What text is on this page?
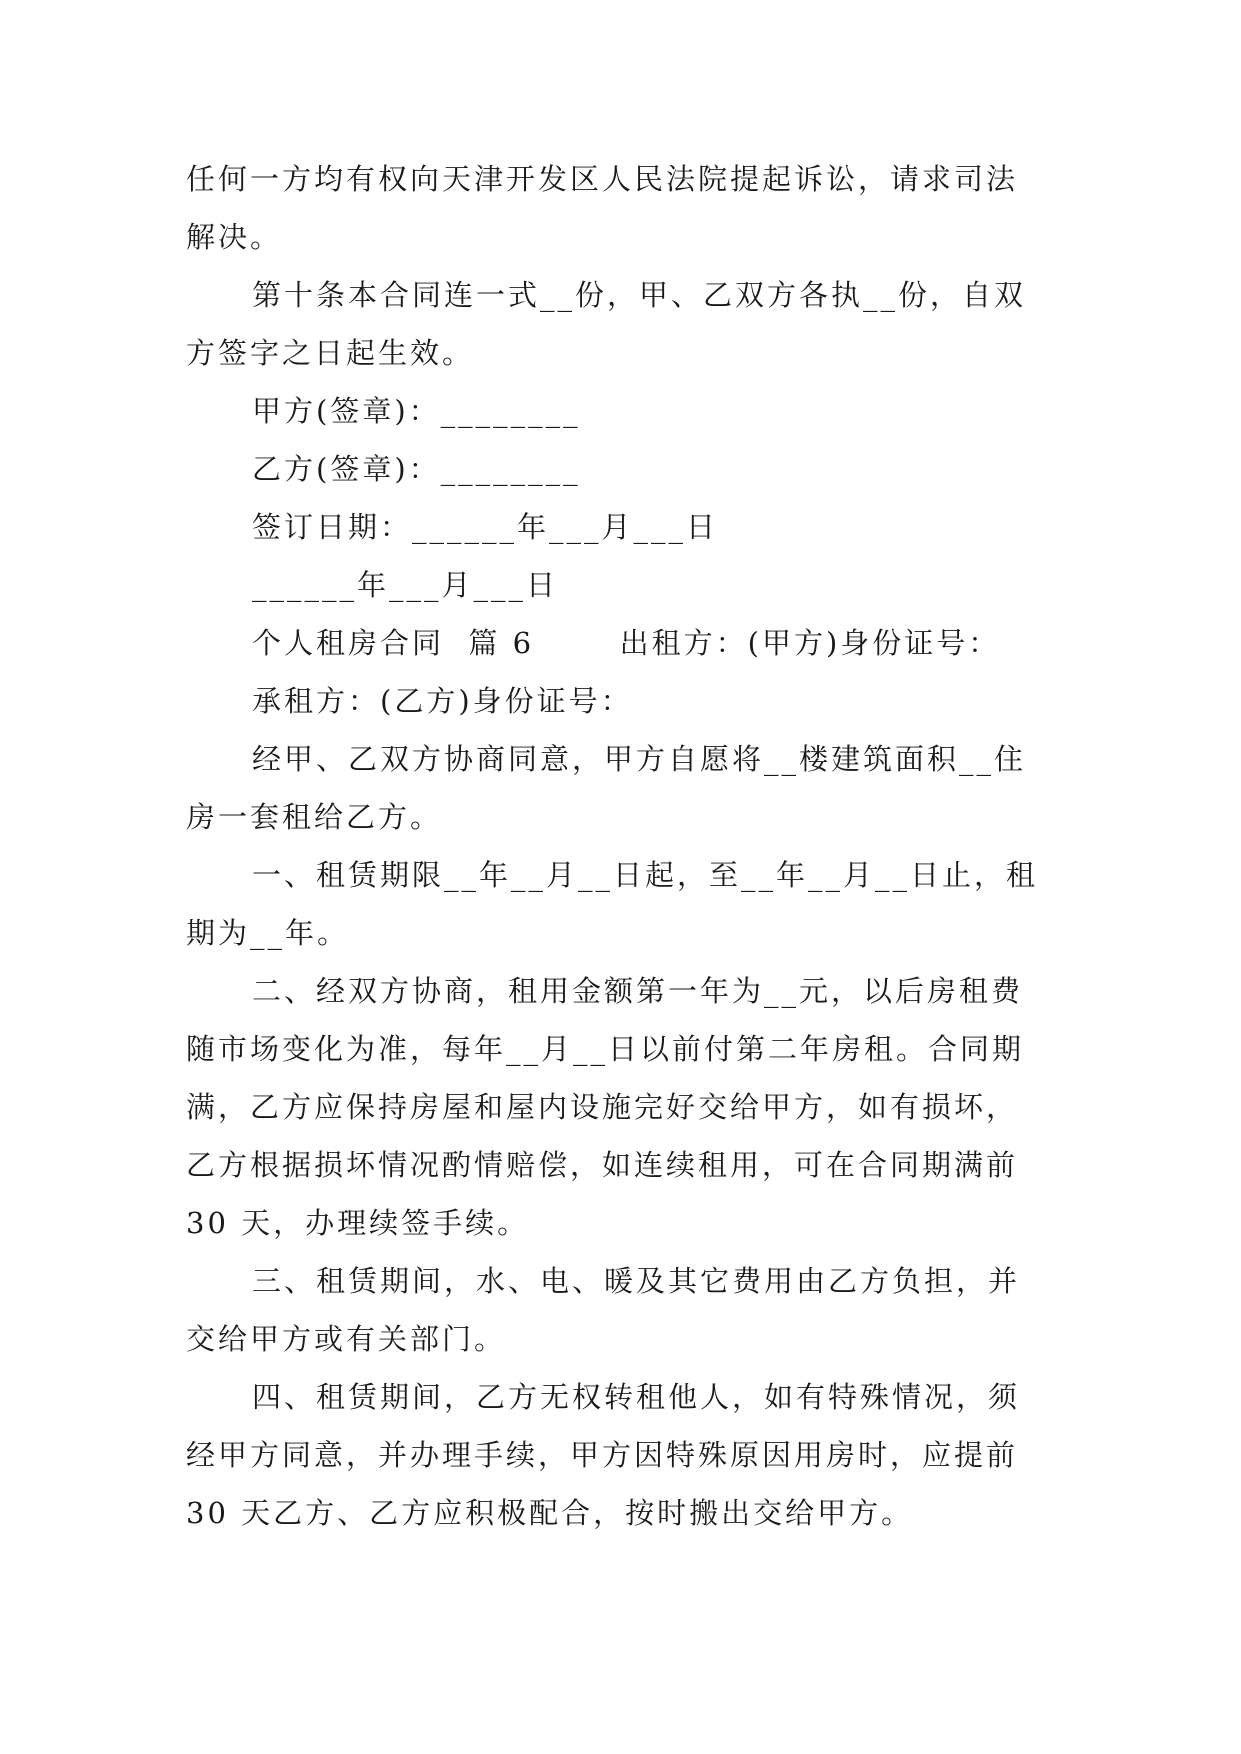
任何一方均有权向天津开发区人民法院提起诉讼，请求司法
解决。
第十条本合同连一式__份，甲、乙双方各执__份，自双
方签字之日起生效。
甲方(签章)：________
乙方(签章)：________
签订日期：______年___月___日
______年___月___日
个人租房合同  篇 6       出租方：(甲方)身份证号：
承租方：(乙方)身份证号：
经甲、乙双方协商同意，甲方自愿将__楼建筑面积__住
房一套租给乙方。
一、租赁期限__年__月__日起，至__年__月__日止，租
期为__年。
二、经双方协商，租用金额第一年为__元，以后房租费
随市场变化为准，每年__月__日以前付第二年房租。合同期
满，乙方应保持房屋和屋内设施完好交给甲方，如有损坏，
乙方根据损坏情况酌情赔偿，如连续租用，可在合同期满前
30 天，办理续签手续。
三、租赁期间，水、电、暖及其它费用由乙方负担，并
交给甲方或有关部门。
四、租赁期间，乙方无权转租他人，如有特殊情况，须
经甲方同意，并办理手续，甲方因特殊原因用房时，应提前
30 天乙方、乙方应积极配合，按时搬出交给甲方。
